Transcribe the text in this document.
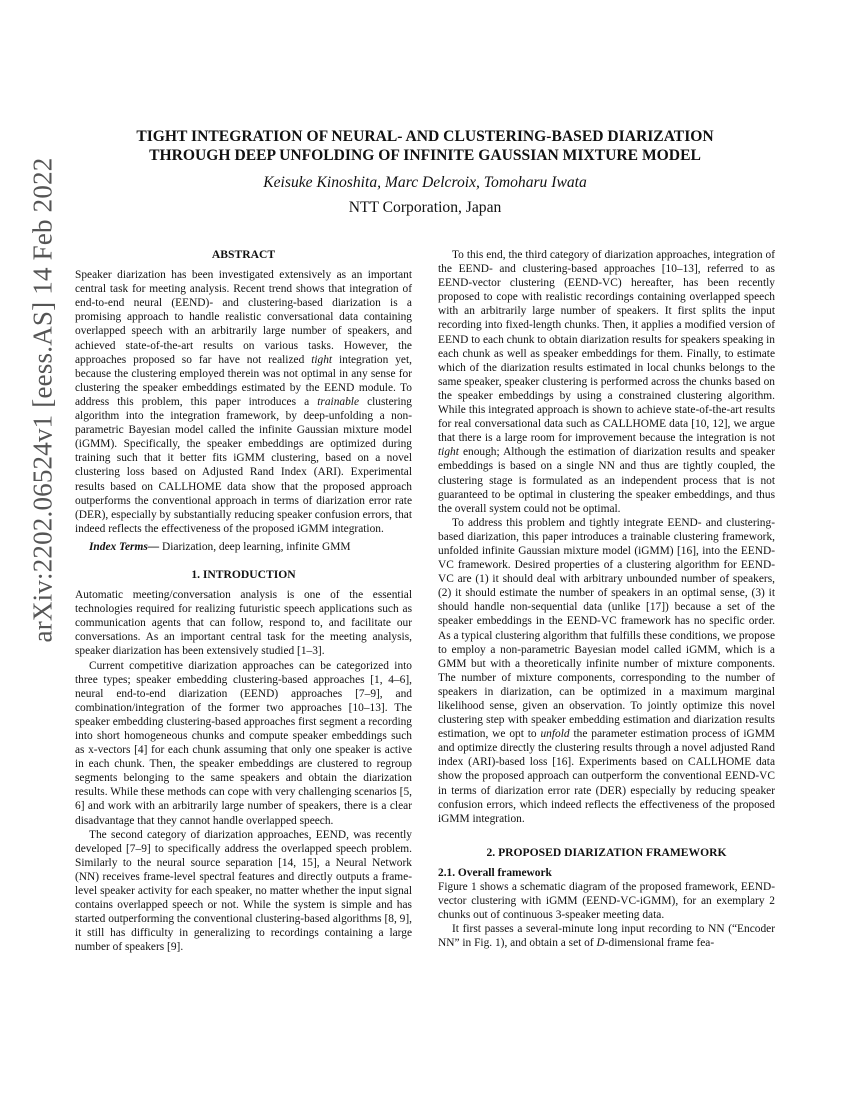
arXiv:2202.06524v1 [eess.AS] 14 Feb 2022
TIGHT INTEGRATION OF NEURAL- AND CLUSTERING-BASED DIARIZATION
THROUGH DEEP UNFOLDING OF INFINITE GAUSSIAN MIXTURE MODEL
Keisuke Kinoshita, Marc Delcroix, Tomoharu Iwata
NTT Corporation, Japan
ABSTRACT

Speaker diarization has been investigated extensively as an important central task for meeting analysis. Recent trend shows that integration of end-to-end neural (EEND)- and clustering-based diarization is a promising approach to handle realistic conversational data containing overlapped speech with an arbitrarily large number of speakers, and achieved state-of-the-art results on various tasks. However, the approaches proposed so far have not realized tight integration yet, because the clustering employed therein was not optimal in any sense for clustering the speaker embeddings estimated by the EEND module. To address this problem, this paper introduces a trainable clustering algorithm into the integration framework, by deep-unfolding a non-parametric Bayesian model called the infinite Gaussian mixture model (iGMM). Specifically, the speaker embeddings are optimized during training such that it better fits iGMM clustering, based on a novel clustering loss based on Adjusted Rand Index (ARI). Experimental results based on CALLHOME data show that the proposed approach outperforms the conventional approach in terms of diarization error rate (DER), especially by substantially reducing speaker confusion errors, that indeed reflects the effectiveness of the proposed iGMM integration.

Index Terms— Diarization, deep learning, infinite GMM

1. INTRODUCTION

Automatic meeting/conversation analysis is one of the essential technologies required for realizing futuristic speech applications such as communication agents that can follow, respond to, and facilitate our conversations. As an important central task for the meeting analysis, speaker diarization has been extensively studied [1–3].

Current competitive diarization approaches can be categorized into three types; speaker embedding clustering-based approaches [1, 4–6], neural end-to-end diarization (EEND) approaches [7–9], and combination/integration of the former two approaches [10–13]. The speaker embedding clustering-based approaches first segment a recording into short homogeneous chunks and compute speaker embeddings such as x-vectors [4] for each chunk assuming that only one speaker is active in each chunk. Then, the speaker embeddings are clustered to regroup segments belonging to the same speakers and obtain the diarization results. While these methods can cope with very challenging scenarios [5, 6] and work with an arbitrarily large number of speakers, there is a clear disadvantage that they cannot handle overlapped speech.

The second category of diarization approaches, EEND, was recently developed [7–9] to specifically address the overlapped speech problem. Similarly to the neural source separation [14, 15], a Neural Network (NN) receives frame-level spectral features and directly outputs a frame-level speaker activity for each speaker, no matter whether the input signal contains overlapped speech or not. While the system is simple and has started outperforming the conventional clustering-based algorithms [8, 9], it still has difficulty in generalizing to recordings containing a large number of speakers [9].

To this end, the third category of diarization approaches, integration of the EEND- and clustering-based approaches [10–13], referred to as EEND-vector clustering (EEND-VC) hereafter, has been recently proposed to cope with realistic recordings containing overlapped speech with an arbitrarily large number of speakers. It first splits the input recording into fixed-length chunks. Then, it applies a modified version of EEND to each chunk to obtain diarization results for speakers speaking in each chunk as well as speaker embeddings for them. Finally, to estimate which of the diarization results estimated in local chunks belongs to the same speaker, speaker clustering is performed across the chunks based on the speaker embeddings by using a constrained clustering algorithm. While this integrated approach is shown to achieve state-of-the-art results for real conversational data such as CALLHOME data [10, 12], we argue that there is a large room for improvement because the integration is not tight enough; Although the estimation of diarization results and speaker embeddings is based on a single NN and thus are tightly coupled, the clustering stage is formulated as an independent process that is not guaranteed to be optimal in clustering the speaker embeddings, and thus the overall system could not be optimal.

To address this problem and tightly integrate EEND- and clustering-based diarization, this paper introduces a trainable clustering framework, unfolded infinite Gaussian mixture model (iGMM) [16], into the EEND-VC framework. Desired properties of a clustering algorithm for EEND-VC are (1) it should deal with arbitrary unbounded number of speakers, (2) it should estimate the number of speakers in an optimal sense, (3) it should handle non-sequential data (unlike [17]) because a set of the speaker embeddings in the EEND-VC framework has no specific order. As a typical clustering algorithm that fulfills these conditions, we propose to employ a non-parametric Bayesian model called iGMM, which is a GMM but with a theoretically infinite number of mixture components. The number of mixture components, corresponding to the number of speakers in diarization, can be optimized in a maximum marginal likelihood sense, given an observation. To jointly optimize this novel clustering step with speaker embedding estimation and diarization results estimation, we opt to unfold the parameter estimation process of iGMM and optimize directly the clustering results through a novel adjusted Rand index (ARI)-based loss [16]. Experiments based on CALLHOME data show the proposed approach can outperform the conventional EEND-VC in terms of diarization error rate (DER) especially by reducing speaker confusion errors, which indeed reflects the effectiveness of the proposed iGMM integration.

2. PROPOSED DIARIZATION FRAMEWORK
2.1. Overall framework

Figure 1 shows a schematic diagram of the proposed framework, EEND-vector clustering with iGMM (EEND-VC-iGMM), for an exemplary 2 chunks out of continuous 3-speaker meeting data.

It first passes a several-minute long input recording to NN (“Encoder NN” in Fig. 1), and obtain a set of D-dimensional frame fea-
